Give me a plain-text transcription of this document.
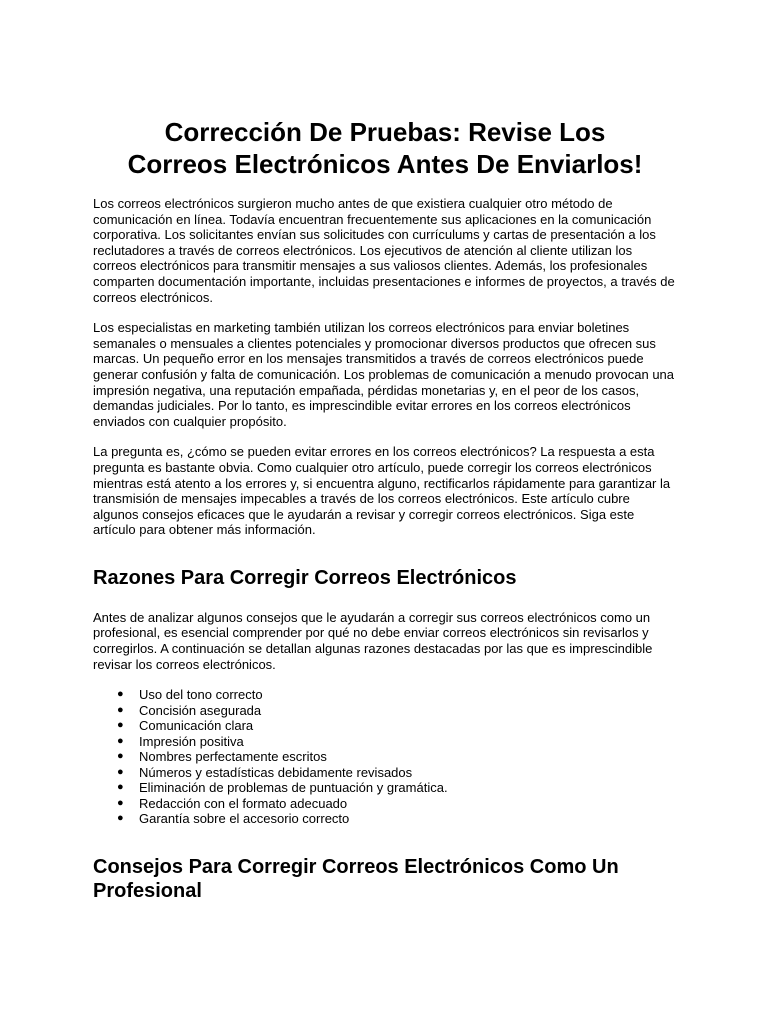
Corrección De Pruebas: Revise Los Correos Electrónicos Antes De Enviarlos!

Los correos electrónicos surgieron mucho antes de que existiera cualquier otro método de comunicación en línea. Todavía encuentran frecuentemente sus aplicaciones en la comunicación corporativa. Los solicitantes envían sus solicitudes con currículums y cartas de presentación a los reclutadores a través de correos electrónicos. Los ejecutivos de atención al cliente utilizan los correos electrónicos para transmitir mensajes a sus valiosos clientes. Además, los profesionales comparten documentación importante, incluidas presentaciones e informes de proyectos, a través de correos electrónicos.

Los especialistas en marketing también utilizan los correos electrónicos para enviar boletines semanales o mensuales a clientes potenciales y promocionar diversos productos que ofrecen sus marcas. Un pequeño error en los mensajes transmitidos a través de correos electrónicos puede generar confusión y falta de comunicación. Los problemas de comunicación a menudo provocan una impresión negativa, una reputación empañada, pérdidas monetarias y, en el peor de los casos, demandas judiciales. Por lo tanto, es imprescindible evitar errores en los correos electrónicos enviados con cualquier propósito.

La pregunta es, ¿cómo se pueden evitar errores en los correos electrónicos? La respuesta a esta pregunta es bastante obvia. Como cualquier otro artículo, puede corregir los correos electrónicos mientras está atento a los errores y, si encuentra alguno, rectificarlos rápidamente para garantizar la transmisión de mensajes impecables a través de los correos electrónicos. Este artículo cubre algunos consejos eficaces que le ayudarán a revisar y corregir correos electrónicos. Siga este artículo para obtener más información.

Razones Para Corregir Correos Electrónicos

Antes de analizar algunos consejos que le ayudarán a corregir sus correos electrónicos como un profesional, es esencial comprender por qué no debe enviar correos electrónicos sin revisarlos y corregirlos. A continuación se detallan algunas razones destacadas por las que es imprescindible revisar los correos electrónicos.

● Uso del tono correcto
● Concisión asegurada
● Comunicación clara
● Impresión positiva
● Nombres perfectamente escritos
● Números y estadísticas debidamente revisados
● Eliminación de problemas de puntuación y gramática.
● Redacción con el formato adecuado
● Garantía sobre el accesorio correcto
Consejos Para Corregir Correos Electrónicos Como Un Profesional
